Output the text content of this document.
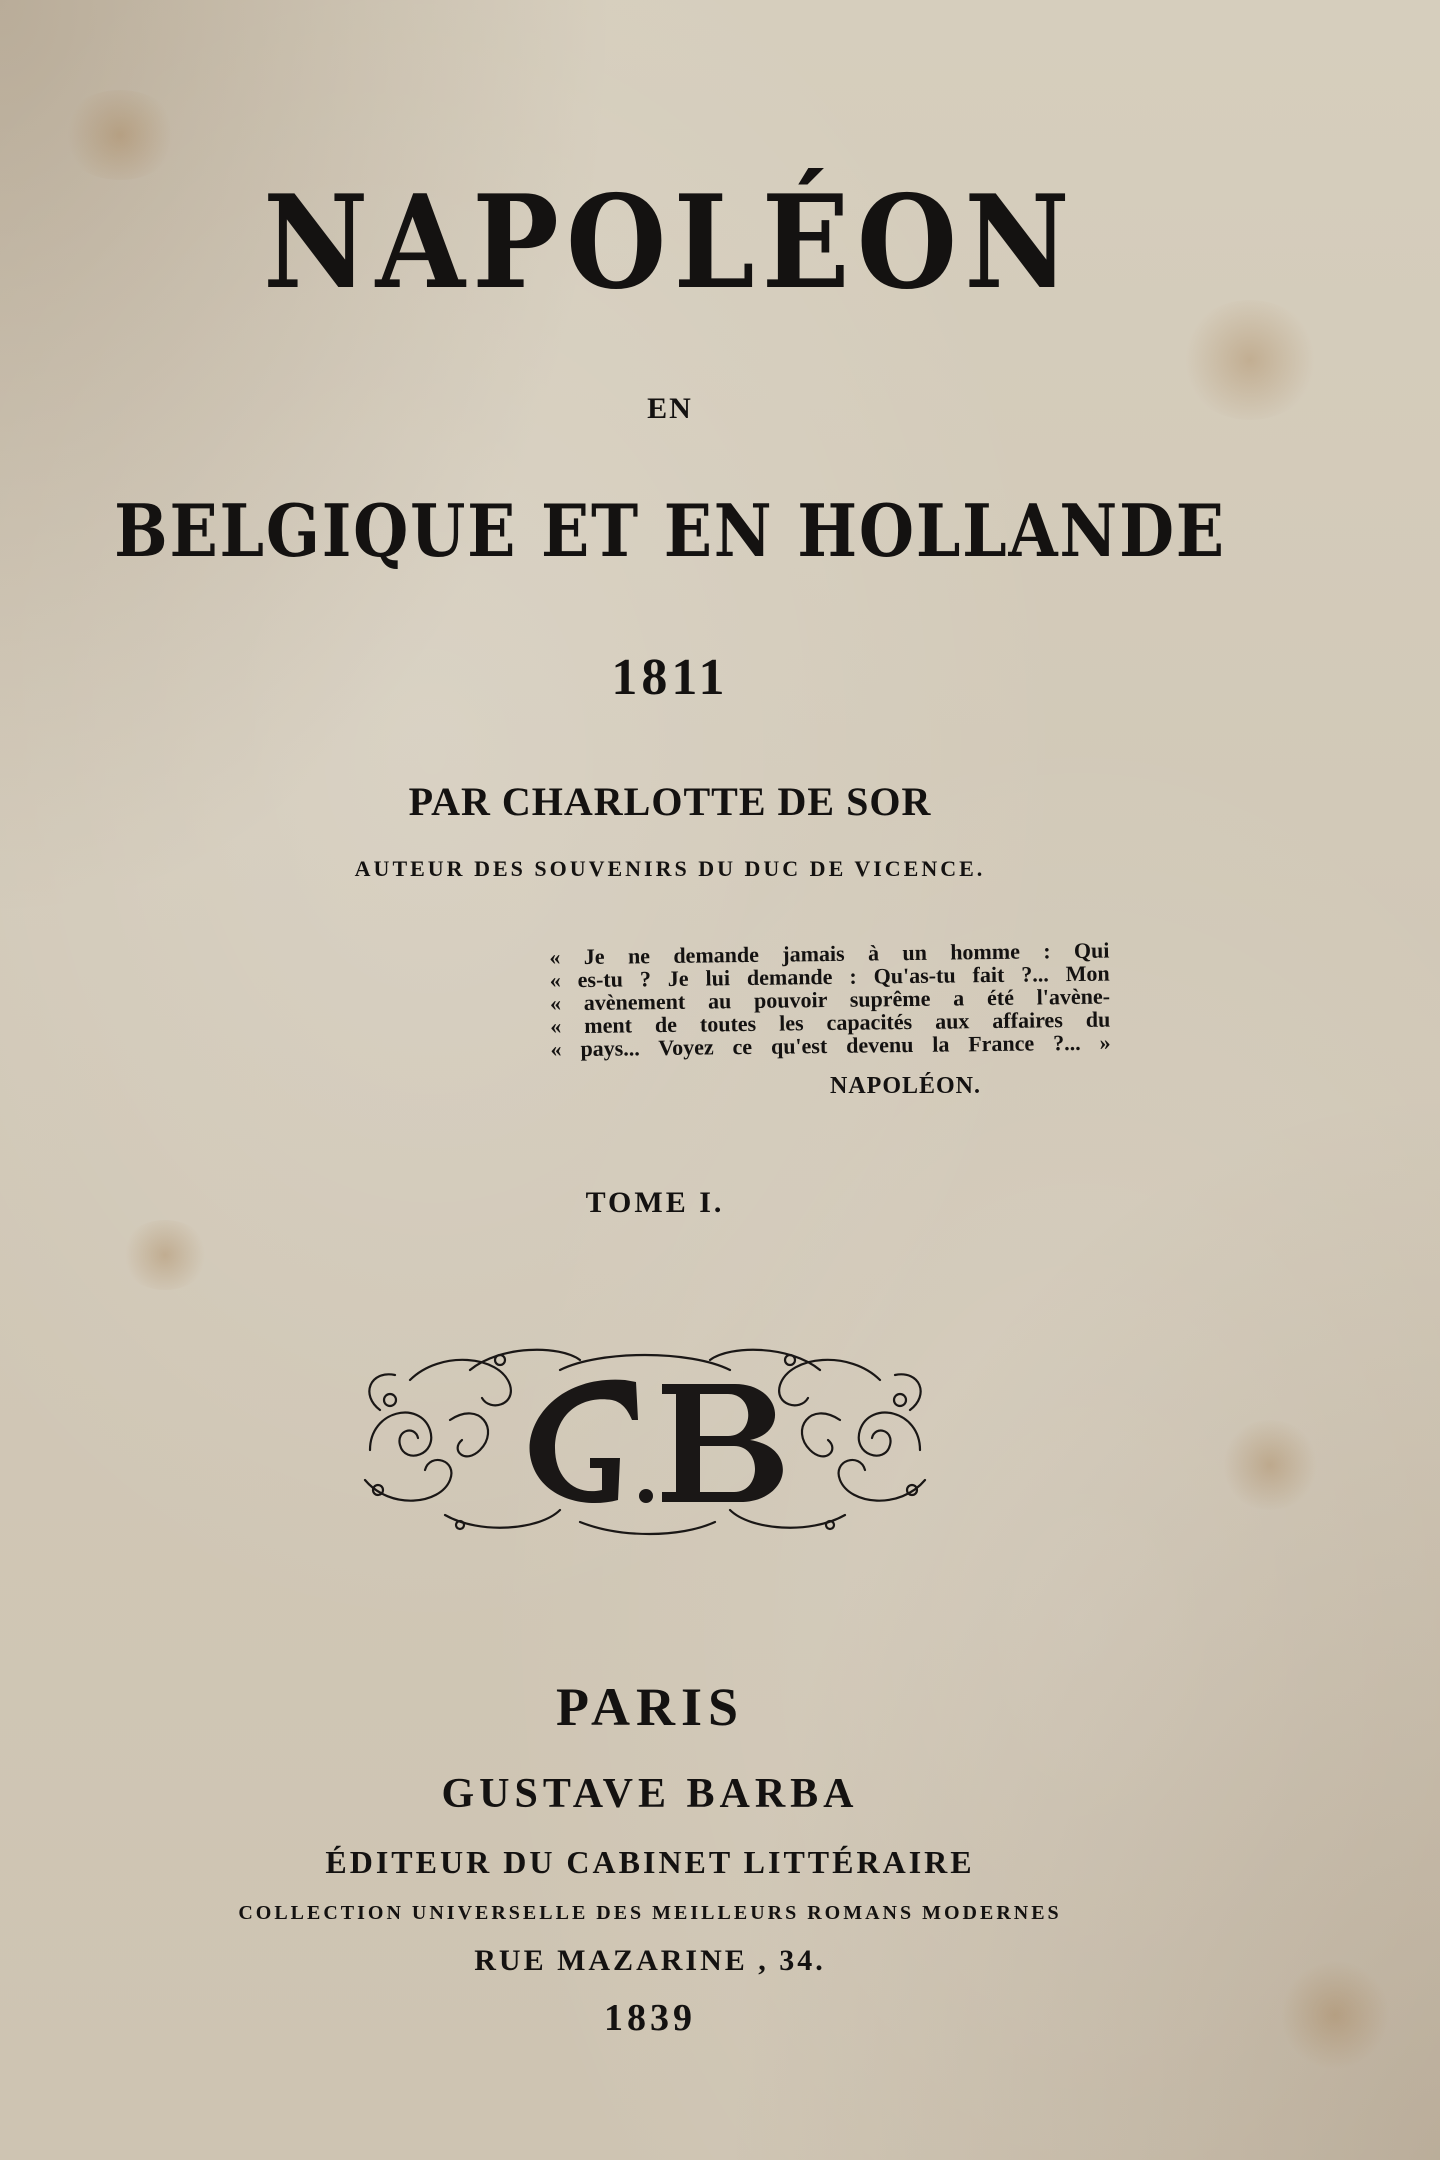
NAPOLÉON
EN
BELGIQUE ET EN HOLLANDE
1811
PAR CHARLOTTE DE SOR
AUTEUR DES SOUVENIRS DU DUC DE VICENCE.
« Je ne demande jamais à un homme : Qui
« es-tu ? Je lui demande : Qu'as-tu fait ?... Mon
« avènement au pouvoir suprême a été l'avène-
« ment de toutes les capacités aux affaires du
« pays... Voyez ce qu'est devenu la France ?... »
NAPOLÉON.
TOME I.
PARIS
GUSTAVE BARBA
ÉDITEUR DU CABINET LITTÉRAIRE
COLLECTION UNIVERSELLE DES MEILLEURS ROMANS MODERNES
RUE MAZARINE , 34.
1839
